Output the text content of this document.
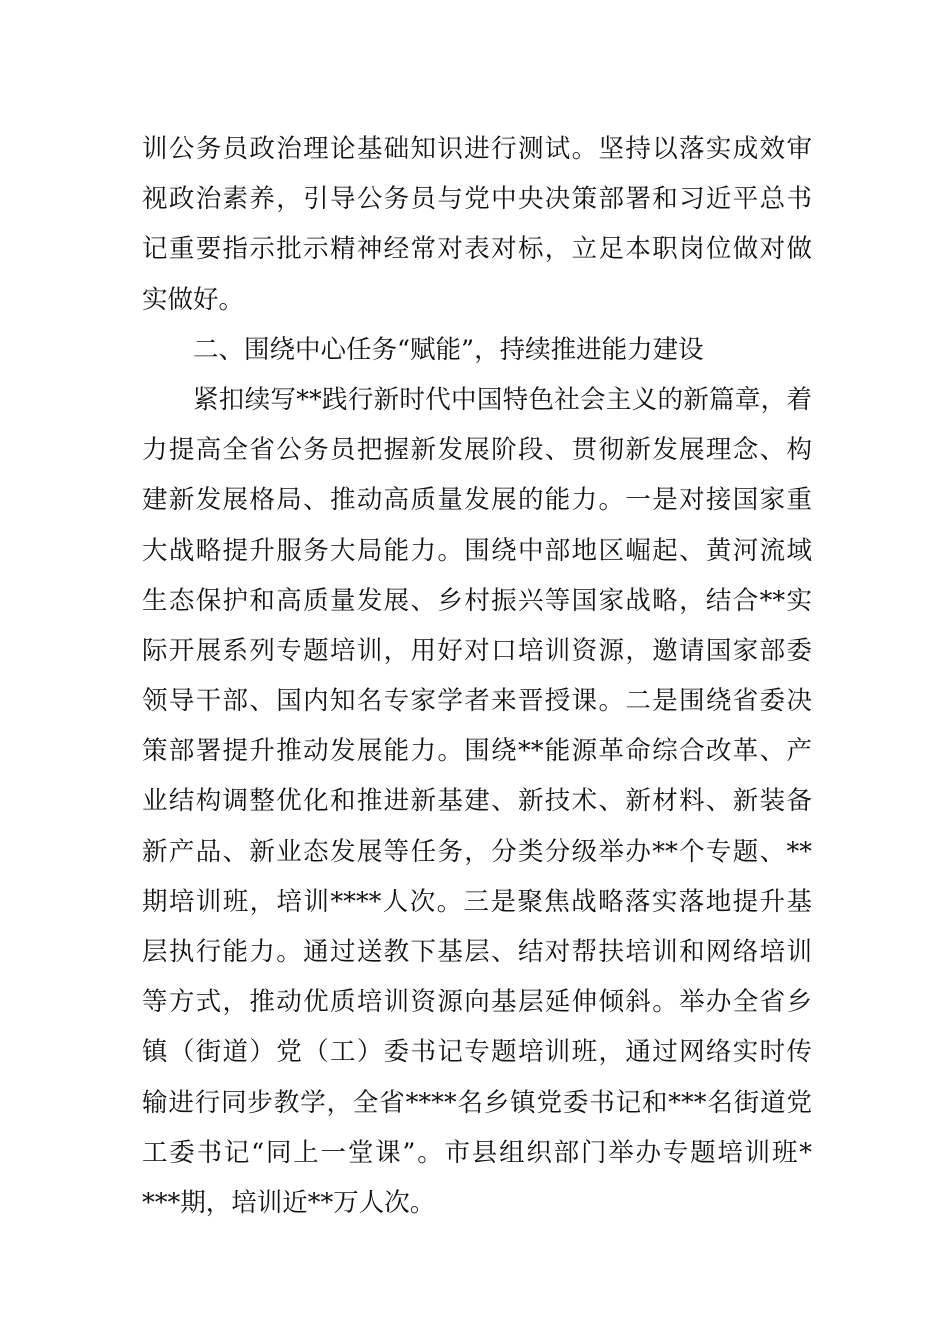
训公务员政治理论基础知识进行测试。坚持以落实成效审
视政治素养，引导公务员与党中央决策部署和习近平总书
记重要指示批示精神经常对表对标，立足本职岗位做对做
实做好。
二、围绕中心任务“赋能”，持续推进能力建设
紧扣续写**践行新时代中国特色社会主义的新篇章，着
力提高全省公务员把握新发展阶段、贯彻新发展理念、构
建新发展格局、推动高质量发展的能力。一是对接国家重
大战略提升服务大局能力。围绕中部地区崛起、黄河流域
生态保护和高质量发展、乡村振兴等国家战略，结合**实
际开展系列专题培训，用好对口培训资源，邀请国家部委
领导干部、国内知名专家学者来晋授课。二是围绕省委决
策部署提升推动发展能力。围绕**能源革命综合改革、产
业结构调整优化和推进新基建、新技术、新材料、新装备
新产品、新业态发展等任务，分类分级举办**个专题、**
期培训班，培训****人次。三是聚焦战略落实落地提升基
层执行能力。通过送教下基层、结对帮扶培训和网络培训
等方式，推动优质培训资源向基层延伸倾斜。举办全省乡
镇（街道）党（工）委书记专题培训班，通过网络实时传
输进行同步教学，全省****名乡镇党委书记和***名街道党
工委书记“同上一堂课”。市县组织部门举办专题培训班*
***期，培训近**万人次。
